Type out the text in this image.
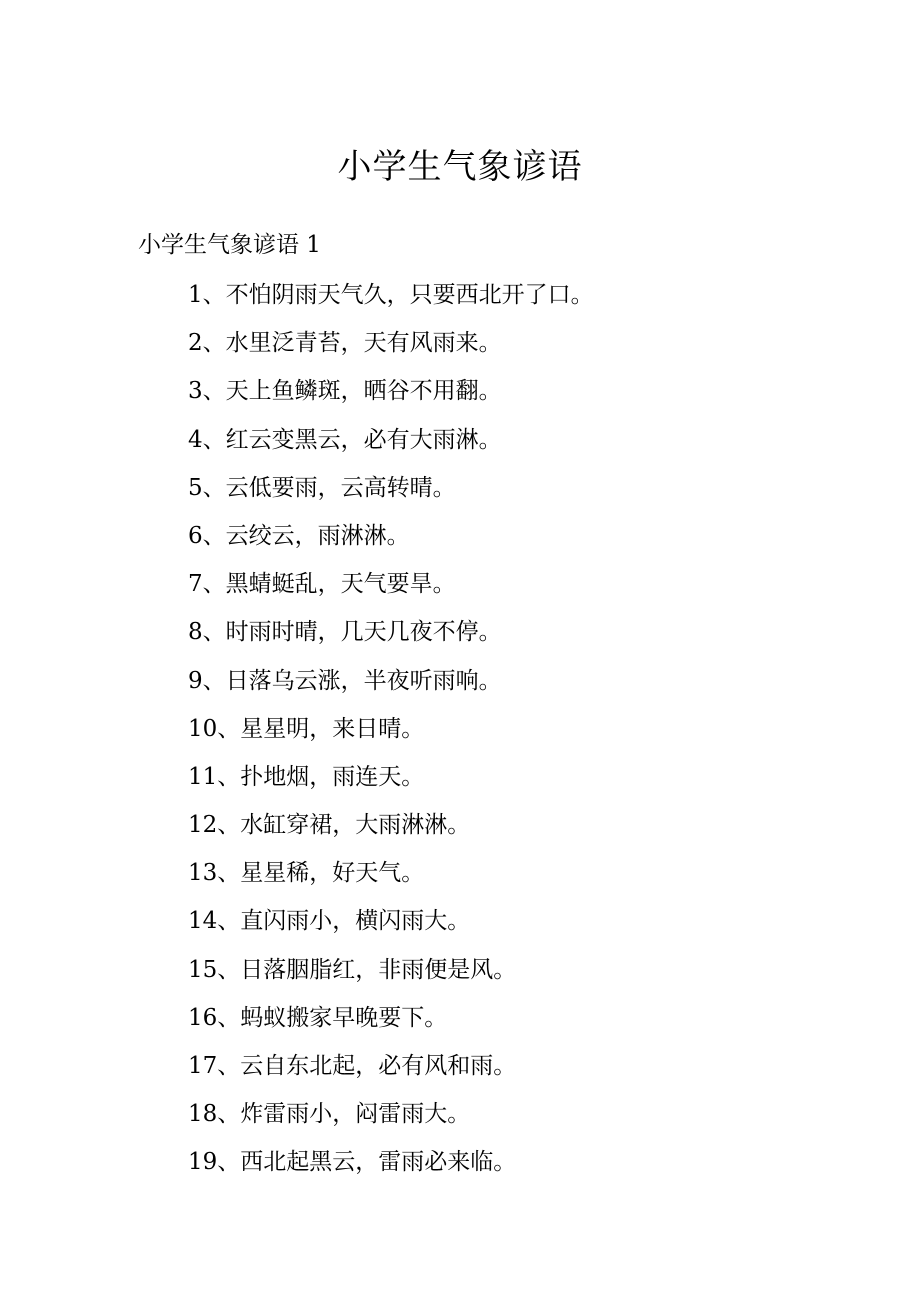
小学生气象谚语

小学生气象谚语 1

1、不怕阴雨天气久，只要西北开了口。
2、水里泛青苔，天有风雨来。
3、天上鱼鳞斑，晒谷不用翻。
4、红云变黑云，必有大雨淋。
5、云低要雨，云高转晴。
6、云绞云，雨淋淋。
7、黑蜻蜓乱，天气要旱。
8、时雨时晴，几天几夜不停。
9、日落乌云涨，半夜听雨响。
10、星星明，来日晴。
11、扑地烟，雨连天。
12、水缸穿裙，大雨淋淋。
13、星星稀，好天气。
14、直闪雨小，横闪雨大。
15、日落胭脂红，非雨便是风。
16、蚂蚁搬家早晚要下。
17、云自东北起，必有风和雨。
18、炸雷雨小，闷雷雨大。
19、西北起黑云，雷雨必来临。
